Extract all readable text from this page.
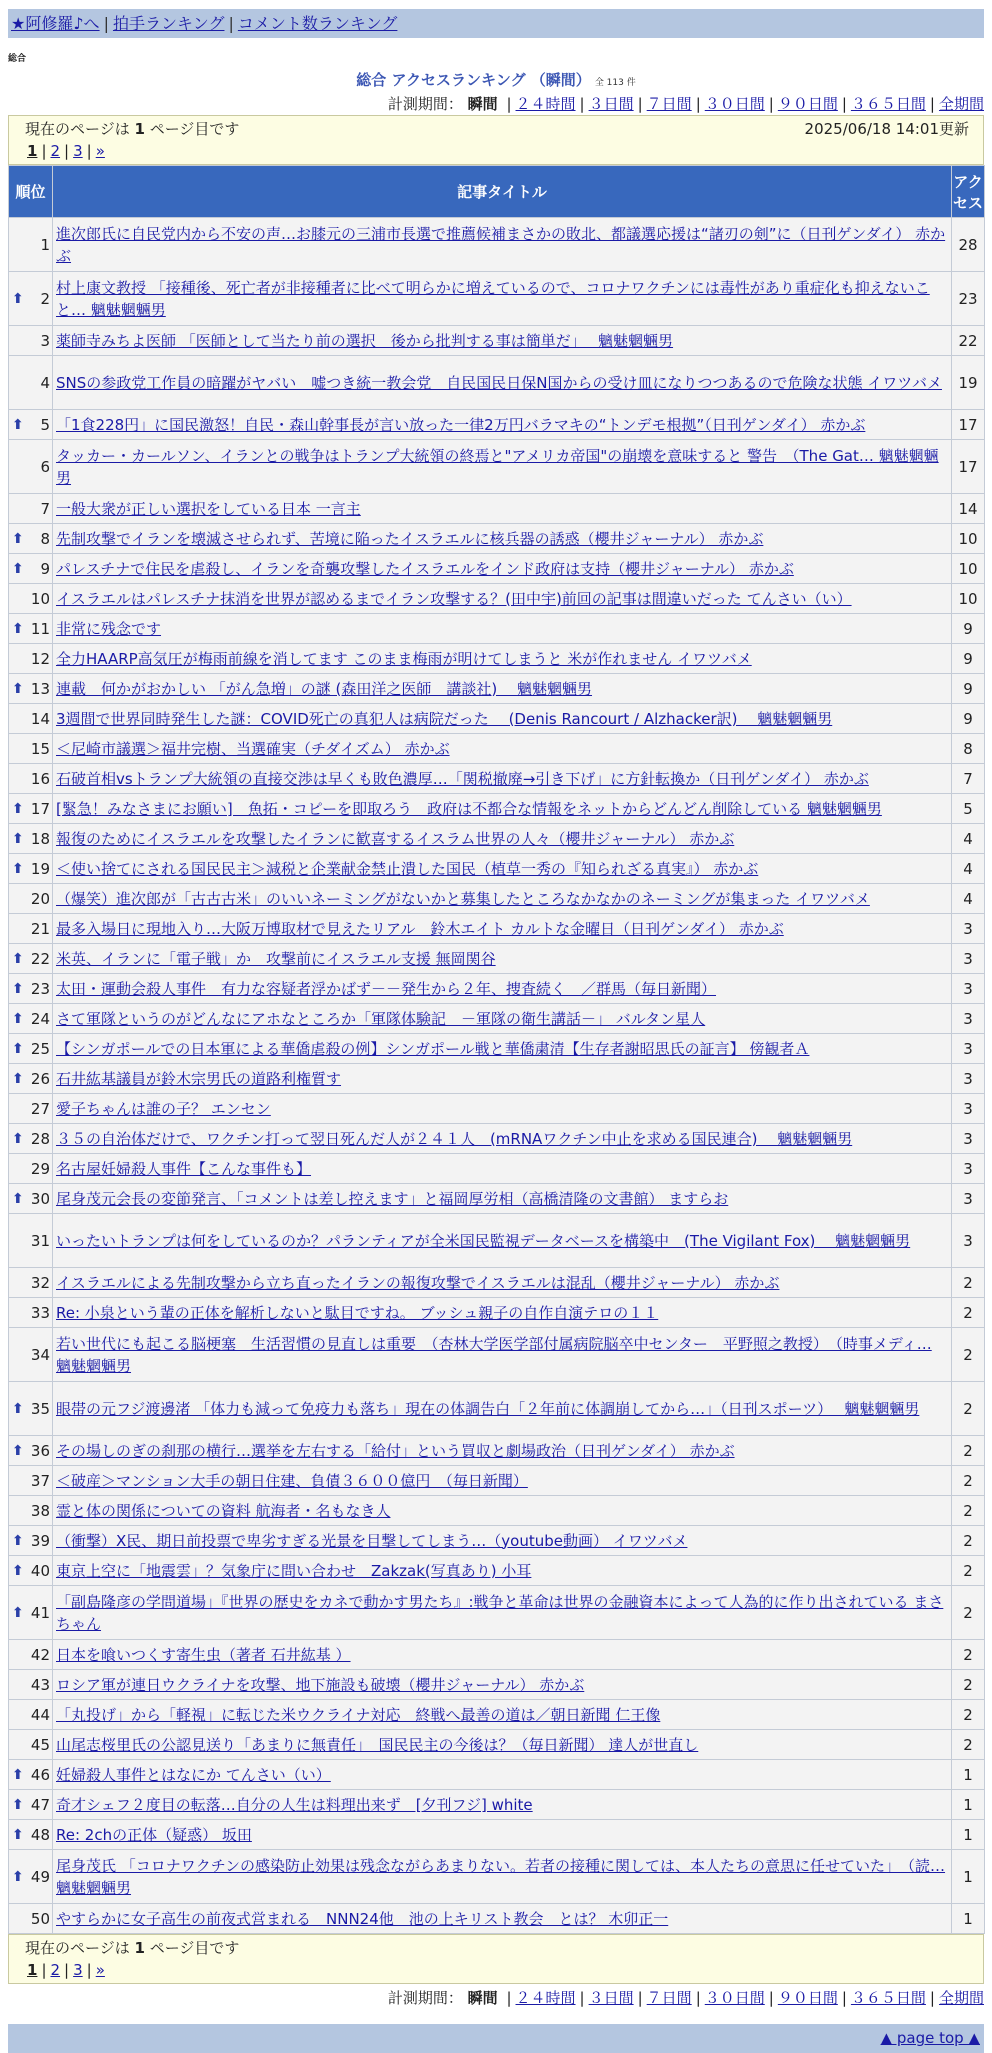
★阿修羅♪へ | 拍手ランキング | コメント数ランキング
総合
総合 アクセスランキング （瞬間） 全 113 件
計測期間： 瞬間 | ２４時間 | ３日間 | ７日間 | ３０日間 | ９０日間 | ３６５日間 | 全期間
現在のページは 1 ページ目です	2025/06/18 14:01更新
1 | 2 | 3 | »
順位	記事タイトル	アクセス
1	進次郎氏に自民党内から不安の声…お膝元の三浦市長選で推薦候補まさかの敗北、都議選応援は“諸刃の剣”に（日刊ゲンダイ） 赤かぶ	28

⬆ 2	村上康文教授 「接種後、死亡者が非接種者に比べて明らかに増えているので、コロナワクチンには毒性があり重症化も抑えないこと… 魑魅魍魎男	23
3	薬師寺みちよ医師 「医師として当たり前の選択　後から批判する事は簡単だ」　 魑魅魍魎男	22
4	SNSの参政党工作員の暗躍がヤバい　嘘つき統一教会党　自民国民日保N国からの受け皿になりつつあるので危険な状態 イワツバメ	19

⬆ 5	「1食228円」に国民激怒！自民・森山幹事長が言い放った一律2万円バラマキの“トンデモ根拠”（日刊ゲンダイ） 赤かぶ	17
6	タッカー・カールソン、イランとの戦争はトランプ大統領の終焉と"アメリカ帝国"の崩壊を意味すると 警告　（The Gat… 魑魅魍魎男	17
7	一般大衆が正しい選択をしている日本 一言主	14

⬆ 8	先制攻撃でイランを壊滅させられず、苦境に陥ったイスラエルに核兵器の誘惑（櫻井ジャーナル） 赤かぶ	10

⬆ 9	パレスチナで住民を虐殺し、イランを奇襲攻撃したイスラエルをインド政府は支持（櫻井ジャーナル） 赤かぶ	10
10	イスラエルはパレスチナ抹消を世界が認めるまでイラン攻撃する？(田中宇)前回の記事は間違いだった てんさい（い）	10

⬆ 11	非常に残念です	9
12	全力HAARP高気圧が梅雨前線を消してます このまま梅雨が明けてしまうと 米が作れません イワツバメ	9

⬆ 13	連載　何かがおかしい 「がん急増」の謎 (森田洋之医師　講談社)　 魑魅魍魎男	9
14	3週間で世界同時発生した謎：COVID死亡の真犯人は病院だった　 (Denis Rancourt / Alzhacker訳)　 魑魅魍魎男	9
15	＜尼崎市議選＞福井完樹、当選確実（チダイズム） 赤かぶ	8
16	石破首相vsトランプ大統領の直接交渉は早くも敗色濃厚…「関税撤廃→引き下げ」に方針転換か（日刊ゲンダイ） 赤かぶ	7

⬆ 17	[緊急！みなさまにお願い]　魚拓・コピーを即取ろう　政府は不都合な情報をネットからどんどん削除している 魑魅魍魎男	5

⬆ 18	報復のためにイスラエルを攻撃したイランに歓喜するイスラム世界の人々（櫻井ジャーナル） 赤かぶ	4

⬆ 19	＜使い捨てにされる国民民主＞減税と企業献金禁止潰した国民（植草一秀の『知られざる真実』） 赤かぶ	4
20	（爆笑）進次郎が「古古古米」のいいネーミングがないかと募集したところなかなかのネーミングが集まった イワツバメ	4
21	最多入場日に現地入り…大阪万博取材で見えたリアル　鈴木エイト カルトな金曜日（日刊ゲンダイ） 赤かぶ	3

⬆ 22	米英、イランに「電子戦」か　攻撃前にイスラエル支援 無岡関谷	3

⬆ 23	太田・運動会殺人事件　有力な容疑者浮かばず－－発生から２年、捜査続く　／群馬（毎日新聞）	3

⬆ 24	さて軍隊というのがどんなにアホなところか「軍隊体験記　－軍隊の衛生講話－」 バルタン星人	3

⬆ 25	【シンガポールでの日本軍による華僑虐殺の例】シンガポール戦と華僑粛清【生存者謝昭思氏の証言】 傍観者Ａ	3

⬆ 26	石井紘基議員が鈴木宗男氏の道路利権質す	3
27	愛子ちゃんは誰の子？ エンセン	3

⬆ 28	３５の自治体だけで、ワクチン打って翌日死んだ人が２４１人　(mRNAワクチン中止を求める国民連合)　 魑魅魍魎男	3
29	名古屋妊婦殺人事件【こんな事件も】	3

⬆ 30	尾身茂元会長の変節発言、「コメントは差し控えます」と福岡厚労相（高橋清隆の文書館） ますらお	3
31	いったいトランプは何をしているのか？パランティアが全米国民監視データベースを構築中　(The Vigilant Fox)　 魑魅魍魎男	3
32	イスラエルによる先制攻撃から立ち直ったイランの報復攻撃でイスラエルは混乱（櫻井ジャーナル） 赤かぶ	2
33	Re: 小泉という輩の正体を解析しないと駄目ですね。 ブッシュ親子の自作自演テロの１１	2
34	若い世代にも起こる脳梗塞　生活習慣の見直しは重要　（杏林大学医学部付属病院脳卒中センター　平野照之教授）　（時事メディ… 魑魅魍魎男	2

⬆ 35	眼帯の元フジ渡邊渚 「体力も減って免疫力も落ち」現在の体調告白「２年前に体調崩してから…」（日刊スポーツ）　 魑魅魍魎男	2

⬆ 36	その場しのぎの刹那の横行…選挙を左右する「給付」という買収と劇場政治（日刊ゲンダイ） 赤かぶ	2
37	＜破産＞マンション大手の朝日住建、負債３６００億円　（毎日新聞）	2
38	霊と体の関係についての資料 航海者・名もなき人	2

⬆ 39	（衝撃）X民、期日前投票で卑劣すぎる光景を目撃してしまう…（youtube動画） イワツバメ	2

⬆ 40	東京上空に「地震雲」？気象庁に問い合わせ　Zakzak(写真あり) 小耳	2

⬆ 41	「副島隆彦の学問道場」『世界の歴史をカネで動かす男たち』:戦争と革命は世界の金融資本によって人為的に作り出されている まさちゃん	2
42	日本を喰いつくす寄生虫（著者 石井紘基 ）	2
43	ロシア軍が連日ウクライナを攻撃、地下施設も破壊（櫻井ジャーナル） 赤かぶ	2
44	「丸投げ」から「軽視」に転じた米ウクライナ対応　終戦へ最善の道は／朝日新聞 仁王像	2
45	山尾志桜里氏の公認見送り「あまりに無責任」　国民民主の今後は？（毎日新聞） 達人が世直し	2

⬆ 46	妊婦殺人事件とはなにか てんさい（い）	1

⬆ 47	奇才シェフ２度目の転落…自分の人生は料理出来ず　[夕刊フジ] white	1

⬆ 48	Re: 2chの正体（疑惑） 坂田	1

⬆ 49	尾身茂氏 「コロナワクチンの感染防止効果は残念ながらあまりない。若者の接種に関しては、本人たちの意思に任せていた」　（読… 魑魅魍魎男	1
50	やすらかに女子高生の前夜式営まれる　NNN24他　池の上キリスト教会　とは？ 木卯正一	1
現在のページは 1 ページ目です
1 | 2 | 3 | »
計測期間： 瞬間 | ２４時間 | ３日間 | ７日間 | ３０日間 | ９０日間 | ３６５日間 | 全期間
▲ page top ▲
